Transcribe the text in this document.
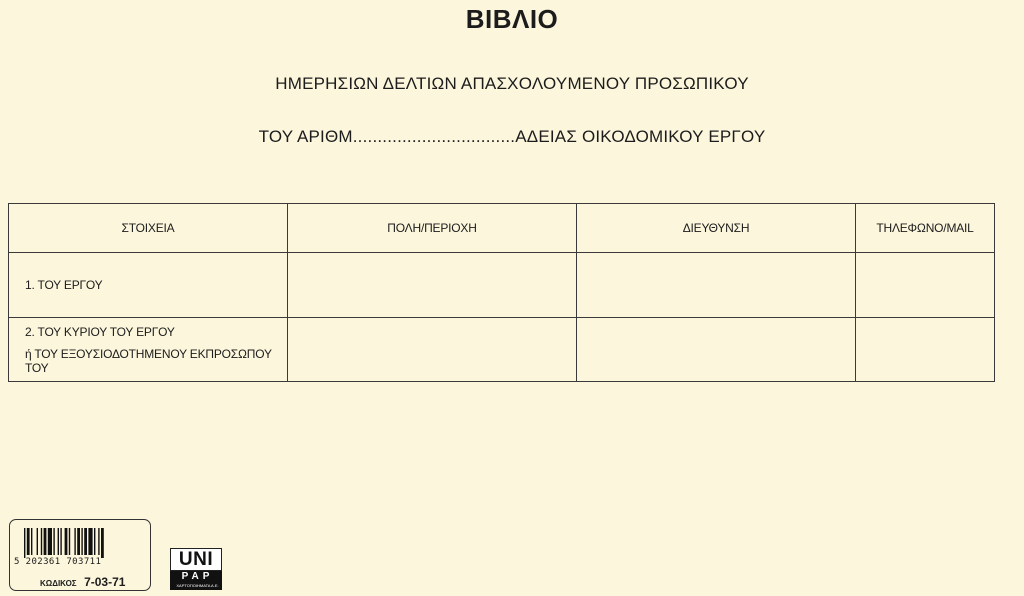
ΒΙΒΛΙΟ
ΗΜΕΡΗΣΙΩΝ ΔΕΛΤΙΩΝ ΑΠΑΣΧΟΛΟΥΜΕΝΟΥ ΠΡΟΣΩΠΙΚΟΥ
ΤΟΥ ΑΡΙΘΜ.................................ΑΔΕΙΑΣ ΟΙΚΟΔΟΜΙΚΟΥ ΕΡΓΟΥ
ΣΤΟΙΧΕΙΑ	ΠΟΛΗ/ΠΕΡΙΟΧΗ	ΔΙΕΥΘΥΝΣΗ	ΤΗΛΕΦΩΝΟ/MAIL
1. ΤΟΥ ΕΡΓΟΥ			
2. ΤΟΥ ΚΥΡΙΟΥ ΤΟΥ ΕΡΓΟΥ
ή ΤΟΥ ΕΞΟΥΣΙΟΔΟΤΗΜΕΝΟΥ ΕΚΠΡΟΣΩΠΟΥ ΤΟΥ			

5 202361 703711
ΚΩΔΙΚΟΣ 7-03-71
UNI
PAP
ΧΑΡΤΟΠΟΙΗΜΑΤΑ Α.Ε.
